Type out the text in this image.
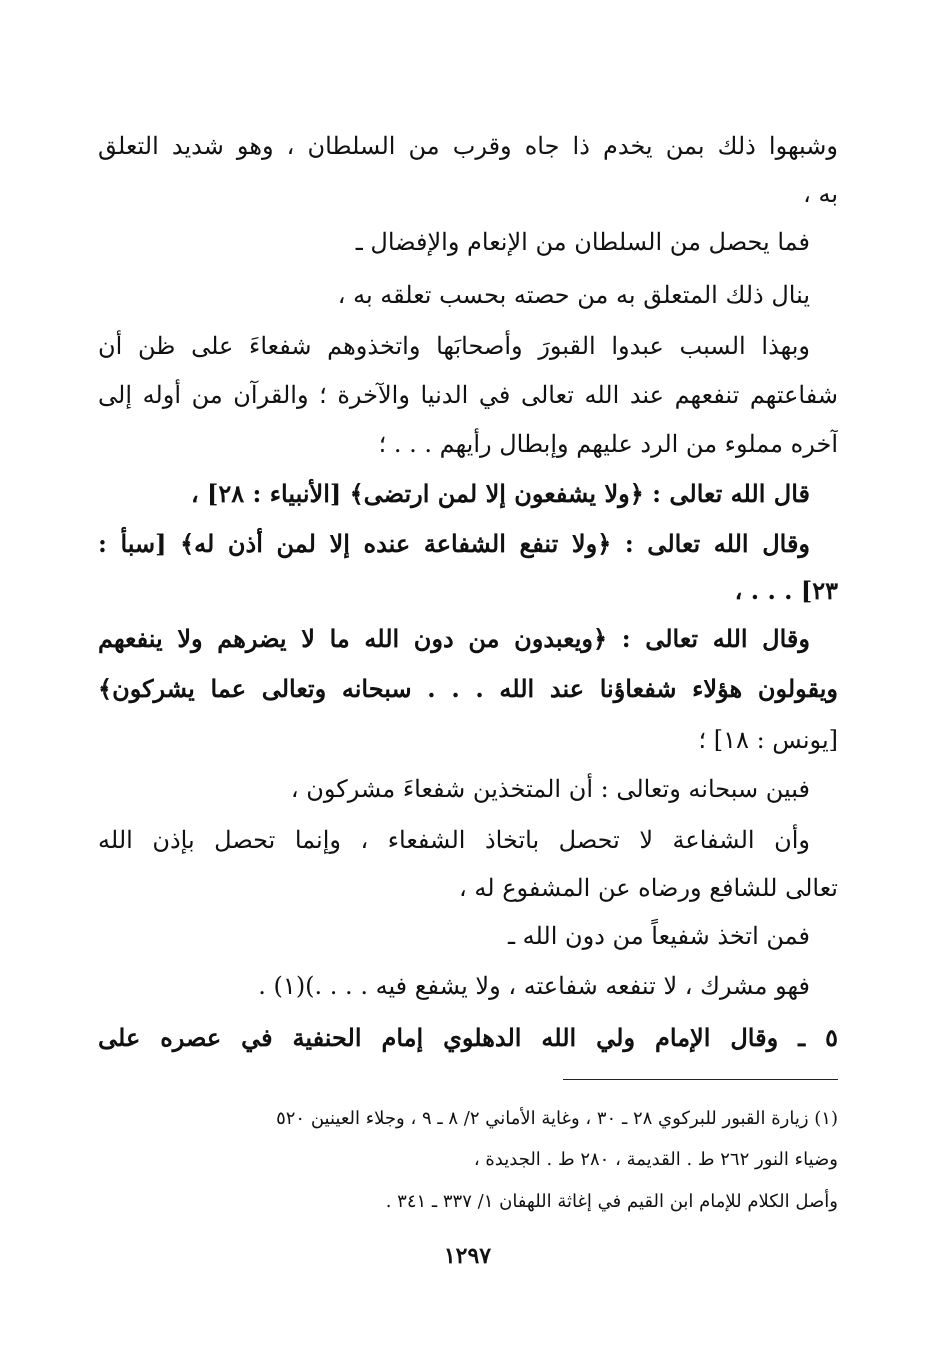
وشبهوا ذلك بمن يخدم ذا جاه وقرب من السلطان ، وهو شديد التعلق
به ،
فما يحصل من السلطان من الإنعام والإفضال ـ
ينال ذلك المتعلق به من حصته بحسب تعلقه به ،
وبهذا السبب عبدوا القبورَ وأصحابَها واتخذوهم شفعاءَ على ظن أن
شفاعتهم تنفعهم عند الله تعالى في الدنيا والآخرة ؛ والقرآن من أوله إلى
آخره مملوء من الرد عليهم وإبطال رأيهم . . . ؛
قال الله تعالى : ﴿ولا يشفعون إلا لمن ارتضى﴾ [الأنبياء : ٢٨] ،
وقال الله تعالى : ﴿ولا تنفع الشفاعة عنده إلا لمن أذن له﴾ [سبأ :
٢٣] . . . ،
وقال الله تعالى : ﴿ويعبدون من دون الله ما لا يضرهم ولا ينفعهم
ويقولون هؤلاء شفعاؤنا عند الله . . . سبحانه وتعالى عما يشركون﴾
[يونس : ١٨] ؛
فبين سبحانه وتعالى : أن المتخذين شفعاءَ مشركون ،
وأن الشفاعة لا تحصل باتخاذ الشفعاء ، وإنما تحصل بإذن الله
تعالى للشافع ورضاه عن المشفوع له ،
فمن اتخذ شفيعاً من دون الله ـ
فهو مشرك ، لا تنفعه شفاعته ، ولا يشفع فيه . . . .)(١) .
٥ ـ وقال الإمام ولي الله الدهلوي إمام الحنفية في عصره على
(١) زيارة القبور للبركوي ٢٨ ـ ٣٠ ، وغاية الأماني ٢/ ٨ ـ ٩ ، وجلاء العينين ٥٢٠
وضياء النور ٢٦٢ ط . القديمة ، ٢٨٠ ط . الجديدة ،
وأصل الكلام للإمام ابن القيم في إغاثة اللهفان ١/ ٣٣٧ ـ ٣٤١ .
١٢٩٧
